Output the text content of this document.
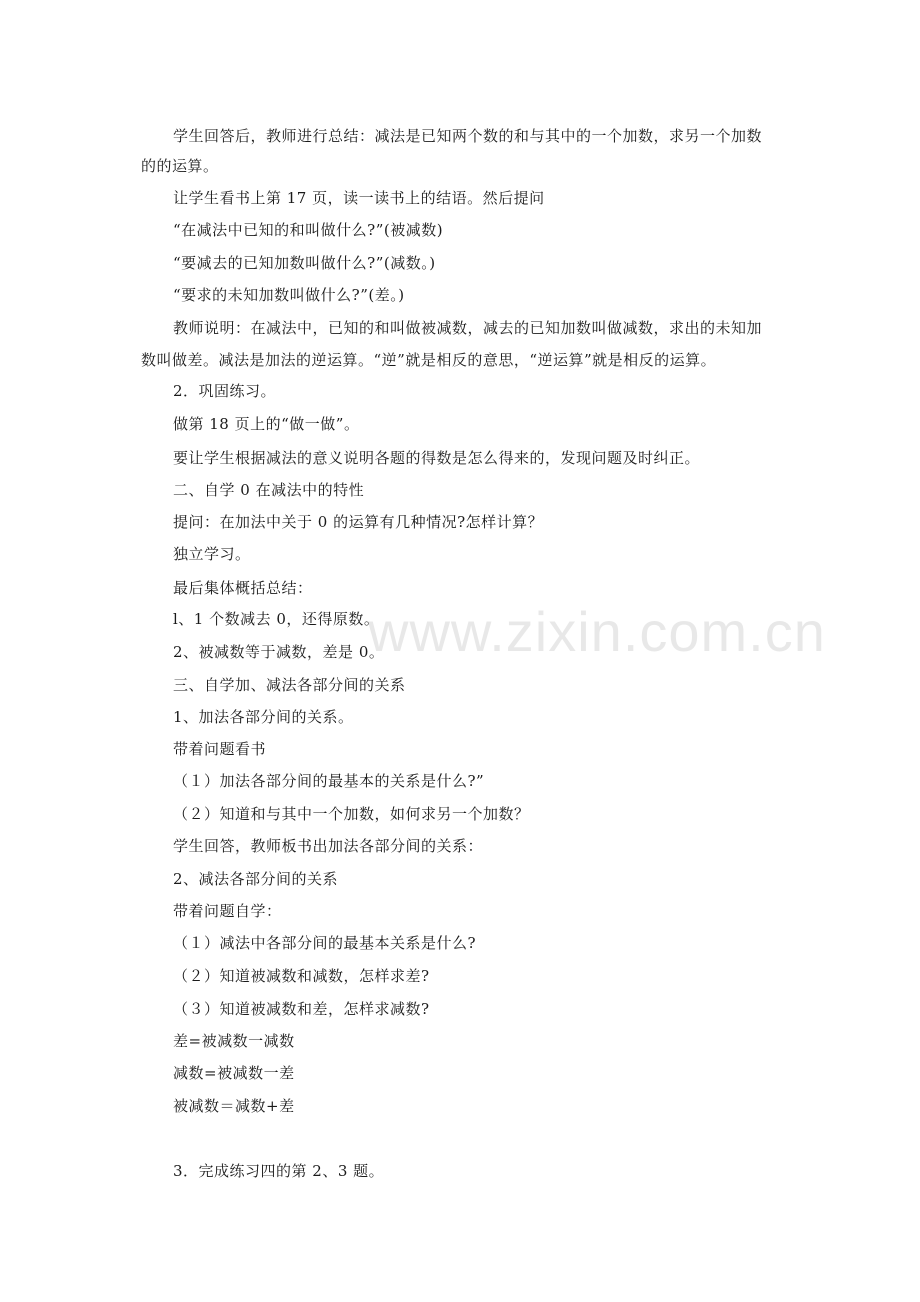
学生回答后，教师进行总结：减法是已知两个数的和与其中的一个加数，求另一个加数
的的运算。
让学生看书上第 17 页，读一读书上的结语。然后提问
“在减法中已知的和叫做什么?”(被减数)
“要减去的已知加数叫做什么?”(减数。)
“要求的未知加数叫做什么?”(差。)
教师说明：在减法中，已知的和叫做被减数，减去的已知加数叫做减数，求出的未知加
数叫做差。减法是加法的逆运算。“逆”就是相反的意思，“逆运算”就是相反的运算。
2．巩固练习。
做第 18 页上的“做一做”。
要让学生根据减法的意义说明各题的得数是怎么得来的，发现问题及时纠正。
二、自学 0 在减法中的特性
提问：在加法中关于 0 的运算有几种情况?怎样计算？
独立学习。
最后集体概括总结：
l、1 个数减去 0，还得原数。
2、被减数等于减数，差是 0。
三、自学加、减法各部分间的关系
1、加法各部分间的关系。
带着问题看书
（１）加法各部分间的最基本的关系是什么?”
（２）知道和与其中一个加数，如何求另一个加数？
学生回答，教师板书出加法各部分间的关系：
2、减法各部分间的关系
带着问题自学：
（１）减法中各部分间的最基本关系是什么?
（２）知道被减数和减数，怎样求差?
（３）知道被减数和差，怎样求减数?
差=被减数一减数
减数=被减数一差
被减数＝减数+差
3．完成练习四的第 2、3 题。
www.zixin.com.cn
